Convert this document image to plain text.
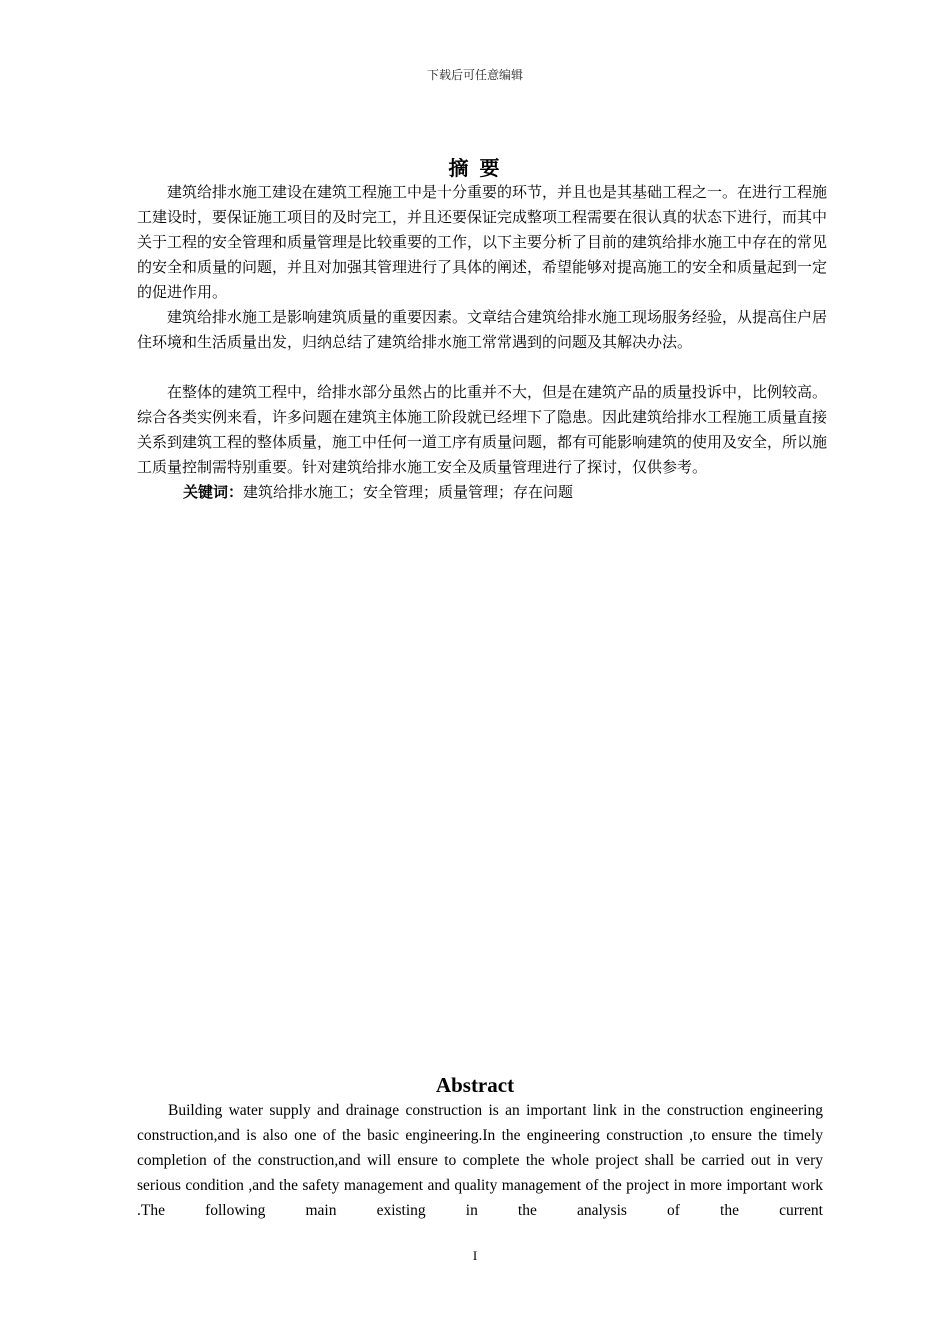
下载后可任意编辑
摘 要

建筑给排水施工建设在建筑工程施工中是十分重要的环节，并且也是其基础工程之一。在进行工程施工建设时，要保证施工项目的及时完工，并且还要保证完成整项工程需要在很认真的状态下进行，而其中关于工程的安全管理和质量管理是比较重要的工作，以下主要分析了目前的建筑给排水施工中存在的常见的安全和质量的问题，并且对加强其管理进行了具体的阐述，希望能够对提高施工的安全和质量起到一定的促进作用。

建筑给排水施工是影响建筑质量的重要因素。文章结合建筑给排水施工现场服务经验，从提高住户居住环境和生活质量出发，归纳总结了建筑给排水施工常常遇到的问题及其解决办法。

在整体的建筑工程中，给排水部分虽然占的比重并不大，但是在建筑产品的质量投诉中，比例较高。综合各类实例来看，许多问题在建筑主体施工阶段就已经埋下了隐患。因此建筑给排水工程施工质量直接关系到建筑工程的整体质量，施工中任何一道工序有质量问题，都有可能影响建筑的使用及安全，所以施工质量控制需特别重要。针对建筑给排水施工安全及质量管理进行了探讨，仅供参考。

关键词：建筑给排水施工；安全管理；质量管理；存在问题

Abstract

Building water supply and drainage construction is an important link in the construction engineering construction,and is also one of the basic engineering.In the engineering construction ,to ensure the timely completion of the construction,and will ensure to complete the whole project shall be carried out in very serious condition ,and the safety management and quality management of the project in more important work .The following main existing in the analysis of the current

I
